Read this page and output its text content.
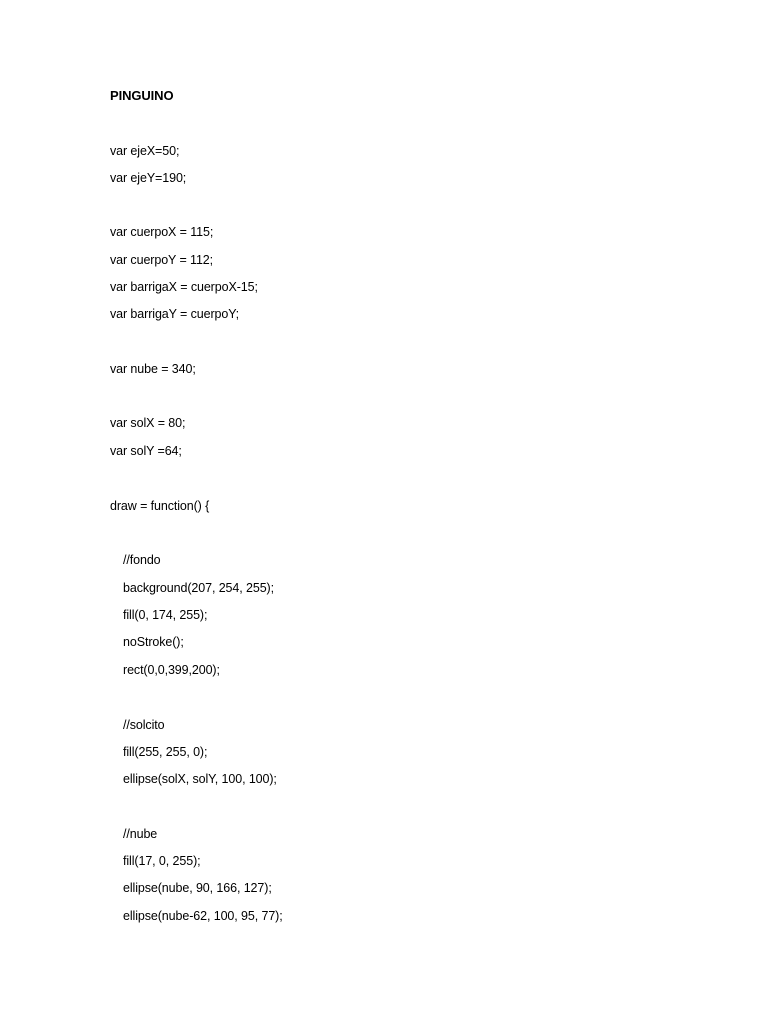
PINGUINO
var ejeX=50;
var ejeY=190;
var cuerpoX = 115;
var cuerpoY = 112;
var barrigaX = cuerpoX-15;
var barrigaY = cuerpoY;
var nube = 340;
var solX = 80;
var solY =64;
draw = function() {
//fondo
background(207, 254, 255);
fill(0, 174, 255);
noStroke();
rect(0,0,399,200);
//solcito
fill(255, 255, 0);
ellipse(solX, solY, 100, 100);
//nube
fill(17, 0, 255);
ellipse(nube, 90, 166, 127);
ellipse(nube-62, 100, 95, 77);
